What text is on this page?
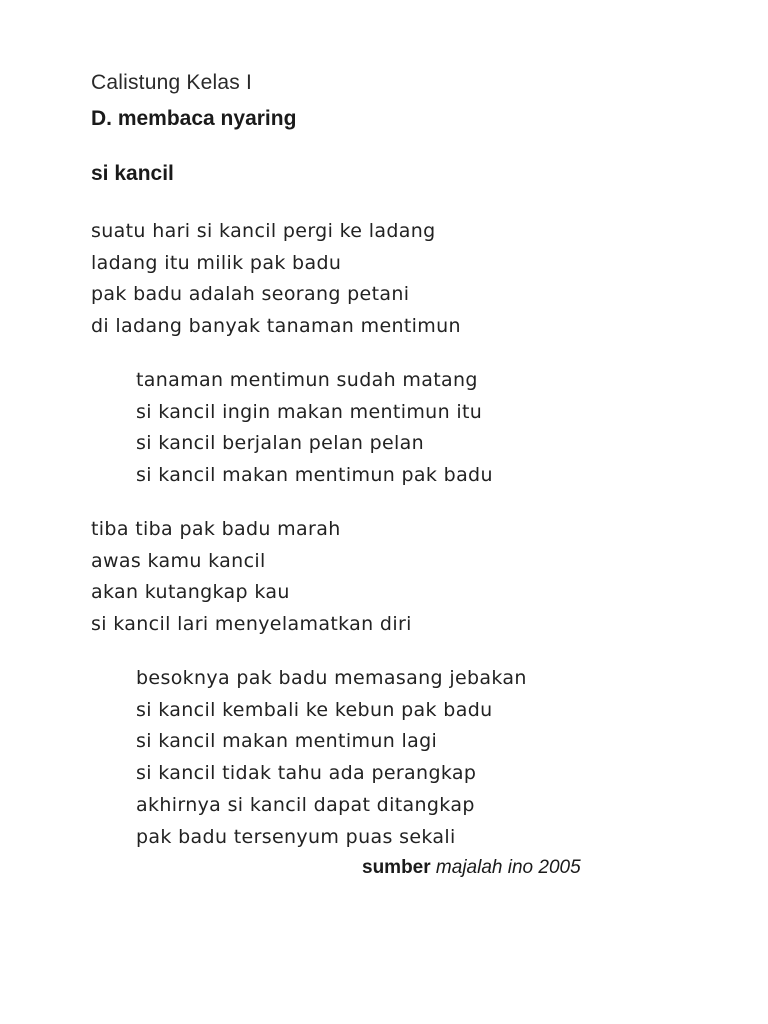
Calistung Kelas I
D. membaca nyaring
si kancil
suatu hari si kancil pergi ke ladang
ladang itu milik pak badu
pak badu adalah seorang petani
di ladang banyak tanaman mentimun
tanaman mentimun sudah matang
si kancil ingin makan mentimun itu
si kancil berjalan pelan pelan
si kancil makan mentimun pak badu
tiba tiba pak badu marah
awas kamu kancil
akan kutangkap kau
si kancil lari menyelamatkan diri
besoknya pak badu memasang jebakan
si kancil kembali ke kebun pak badu
si kancil makan mentimun lagi
si kancil tidak tahu ada perangkap
akhirnya si kancil dapat ditangkap
pak badu tersenyum puas sekali

sumber majalah ino 2005
